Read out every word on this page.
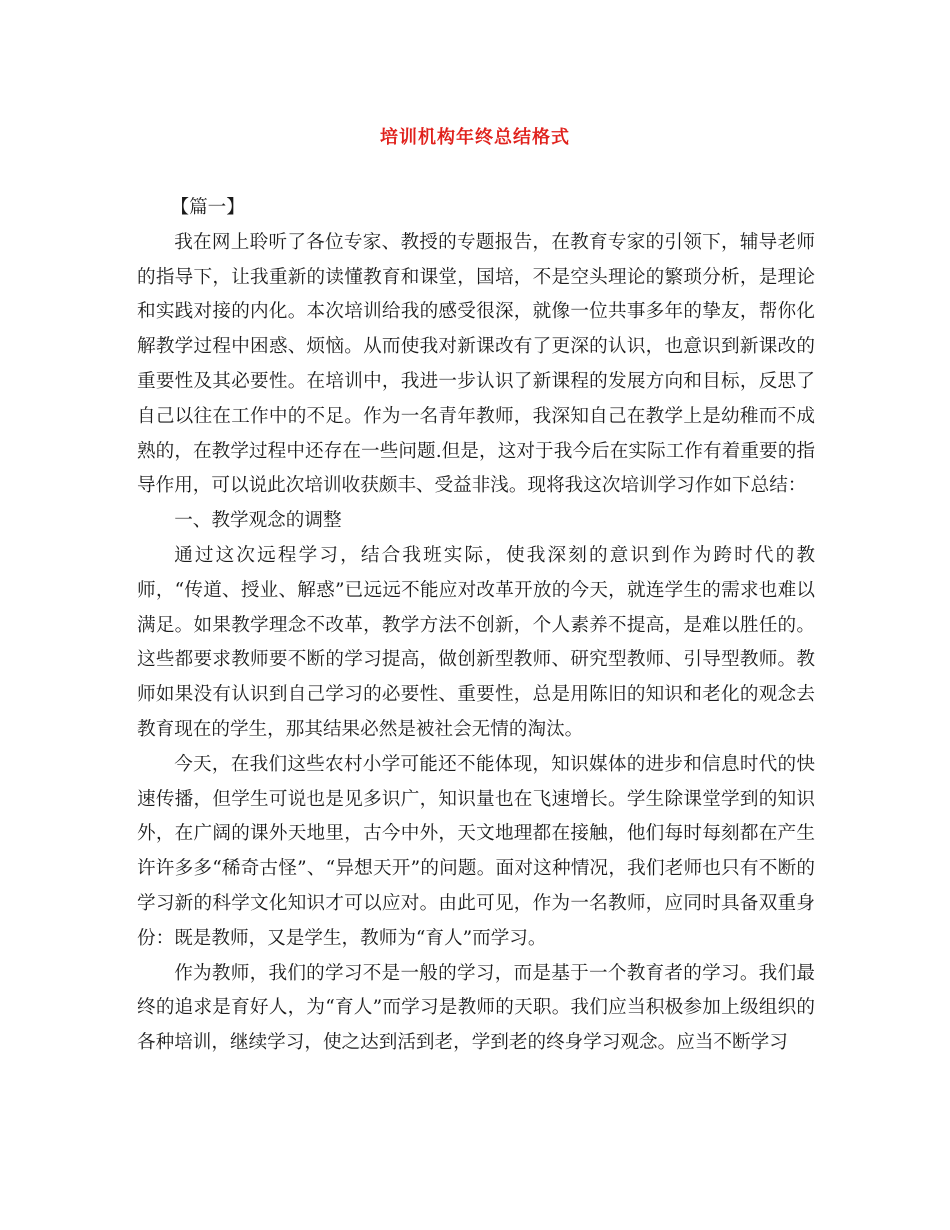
培训机构年终总结格式

【篇一】

我在网上聆听了各位专家、教授的专题报告，在教育专家的引领下，辅导老师的指导下，让我重新的读懂教育和课堂，国培，不是空头理论的繁琐分析，是理论和实践对接的内化。本次培训给我的感受很深，就像一位共事多年的挚友，帮你化解教学过程中困惑、烦恼。从而使我对新课改有了更深的认识，也意识到新课改的重要性及其必要性。在培训中，我进一步认识了新课程的发展方向和目标，反思了自己以往在工作中的不足。作为一名青年教师，我深知自己在教学上是幼稚而不成熟的，在教学过程中还存在一些问题.但是，这对于我今后在实际工作有着重要的指导作用，可以说此次培训收获颇丰、受益非浅。现将我这次培训学习作如下总结：

一、教学观念的调整

通过这次远程学习，结合我班实际，使我深刻的意识到作为跨时代的教师，“传道、授业、解惑”已远远不能应对改革开放的今天，就连学生的需求也难以满足。如果教学理念不改革，教学方法不创新，个人素养不提高，是难以胜任的。这些都要求教师要不断的学习提高，做创新型教师、研究型教师、引导型教师。教师如果没有认识到自己学习的必要性、重要性，总是用陈旧的知识和老化的观念去教育现在的学生，那其结果必然是被社会无情的淘汰。

今天，在我们这些农村小学可能还不能体现，知识媒体的进步和信息时代的快速传播，但学生可说也是见多识广，知识量也在飞速增长。学生除课堂学到的知识外，在广阔的课外天地里，古今中外，天文地理都在接触，他们每时每刻都在产生许许多多“稀奇古怪”、“异想天开”的问题。面对这种情况，我们老师也只有不断的学习新的科学文化知识才可以应对。由此可见，作为一名教师，应同时具备双重身份：既是教师，又是学生，教师为“育人”而学习。

作为教师，我们的学习不是一般的学习，而是基于一个教育者的学习。我们最终的追求是育好人，为“育人”而学习是教师的天职。我们应当积极参加上级组织的各种培训，继续学习，使之达到活到老，学到老的终身学习观念。应当不断学习
